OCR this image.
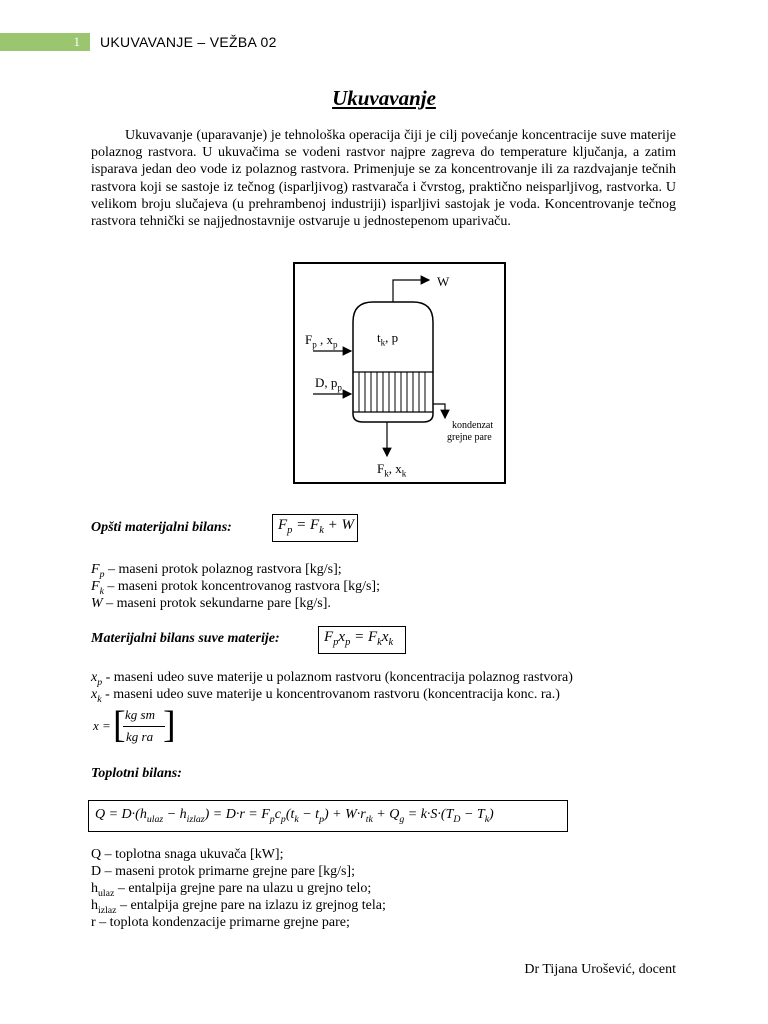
1	UKUVAVANJE – VEŽBA 02
Ukuvavanje
Ukuvavanje (uparavanje) je tehnološka operacija čiji je cilj povećanje koncentracije suve materije polaznog rastvora. U ukuvačima se vodeni rastvor najpre zagreva do temperature ključanja, a zatim isparava jedan deo vode iz polaznog rastvora. Primenjuje se za koncentrovanje ili za razdvajanje tečnih rastvora koji se sastoje iz tečnog (isparljivog) rastvarača i čvrstog, praktično neisparljivog, rastvorka. U velikom broju slučajeva (u prehrambenoj industriji) isparljivi sastojak je voda. Koncentrovanje tečnog rastvora tehnički se najjednostavnije ostvaruje u jednostepenom uparivaču.
W
$F_p$ , $x_p$	$t_k$, p
D, $p_p$
kondenzat
grejne pare
$F_k$, $x_k$
Opšti materijalni bilans:	$F_p = F_k + W$
$F_p$ – maseni protok polaznog rastvora [kg/s];
$F_k$ – maseni protok koncentrovanog rastvora [kg/s];
W – maseni protok sekundarne pare [kg/s].
Materijalni bilans suve materije:	$F_px_p = F_kx_k$
$x_p$ - maseni udeo suve materije u polaznom rastvoru (koncentracija polaznog rastvora)
$x_k$ - maseni udeo suve materije u koncentrovanom rastvoru (koncentracija konc. ra.)
x = [ kg sm
kg ra ]
Toplotni bilans:
$Q = D\cdot(h_{ulaz} - h_{izlaz}) = D\cdot r = F_pc_p(t_k - t_p) + W\cdot r_{tk} + Q_g = k\cdot S\cdot(T_D - T_k)$
Q – toplotna snaga ukuvača [kW];
D – maseni protok primarne grejne pare [kg/s];
$h_{ulaz}$ – entalpija grejne pare na ulazu u grejno telo;
$h_{izlaz}$ – entalpija grejne pare na izlazu iz grejnog tela;
r – toplota kondenzacije primarne grejne pare;
Dr Tijana Urošević, docent
